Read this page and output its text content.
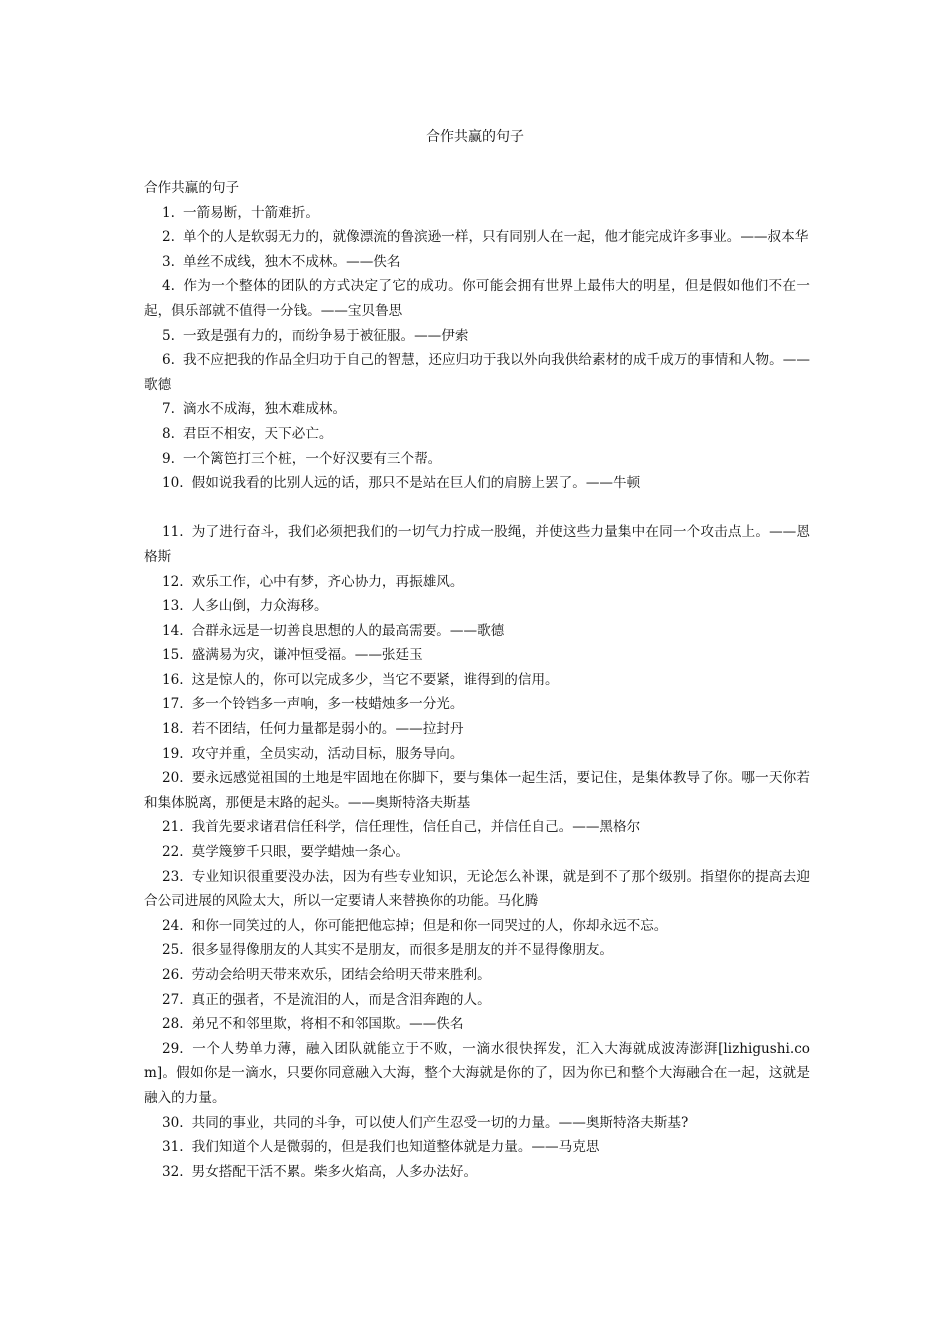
合作共赢的句子

合作共赢的句子

1. 一箭易断，十箭难折。

2. 单个的人是软弱无力的，就像漂流的鲁滨逊一样，只有同别人在一起，他才能完成许多事业。——叔本华

3. 单丝不成线，独木不成林。——佚名

4. 作为一个整体的团队的方式决定了它的成功。你可能会拥有世界上最伟大的明星，但是假如他们不在一起，俱乐部就不值得一分钱。——宝贝鲁思

5. 一致是强有力的，而纷争易于被征服。——伊索

6. 我不应把我的作品全归功于自己的智慧，还应归功于我以外向我供给素材的成千成万的事情和人物。——歌德

7. 滴水不成海，独木难成林。

8. 君臣不相安，天下必亡。

9. 一个篱笆打三个桩，一个好汉要有三个帮。

10. 假如说我看的比别人远的话，那只不是站在巨人们的肩膀上罢了。——牛顿

11. 为了进行奋斗，我们必须把我们的一切气力拧成一股绳，并使这些力量集中在同一个攻击点上。——恩格斯

12. 欢乐工作，心中有梦，齐心协力，再振雄风。

13. 人多山倒，力众海移。

14. 合群永远是一切善良思想的人的最高需要。——歌德

15. 盛满易为灾，谦冲恒受福。——张廷玉

16. 这是惊人的，你可以完成多少，当它不要紧，谁得到的信用。

17. 多一个铃铛多一声响，多一枝蜡烛多一分光。

18. 若不团结，任何力量都是弱小的。——拉封丹

19. 攻守并重，全员实动，活动目标，服务导向。

20. 要永远感觉祖国的土地是牢固地在你脚下，要与集体一起生活，要记住，是集体教导了你。哪一天你若和集体脱离，那便是末路的起头。——奥斯特洛夫斯基

21. 我首先要求诸君信任科学，信任理性，信任自己，并信任自己。——黑格尔

22. 莫学篾箩千只眼，要学蜡烛一条心。

23. 专业知识很重要没办法，因为有些专业知识，无论怎么补课，就是到不了那个级别。指望你的提高去迎合公司进展的风险太大，所以一定要请人来替换你的功能。马化腾

24. 和你一同笑过的人，你可能把他忘掉；但是和你一同哭过的人，你却永远不忘。

25. 很多显得像朋友的人其实不是朋友，而很多是朋友的并不显得像朋友。

26. 劳动会给明天带来欢乐，团结会给明天带来胜利。

27. 真正的强者，不是流泪的人，而是含泪奔跑的人。

28. 弟兄不和邻里欺，将相不和邻国欺。——佚名

29. 一个人势单力薄，融入团队就能立于不败，一滴水很快挥发，汇入大海就成波涛澎湃[lizhigushi.com]。假如你是一滴水，只要你同意融入大海，整个大海就是你的了，因为你已和整个大海融合在一起，这就是融入的力量。

30. 共同的事业，共同的斗争，可以使人们产生忍受一切的力量。——奥斯特洛夫斯基?

31. 我们知道个人是微弱的，但是我们也知道整体就是力量。——马克思

32. 男女搭配干活不累。柴多火焰高，人多办法好。
